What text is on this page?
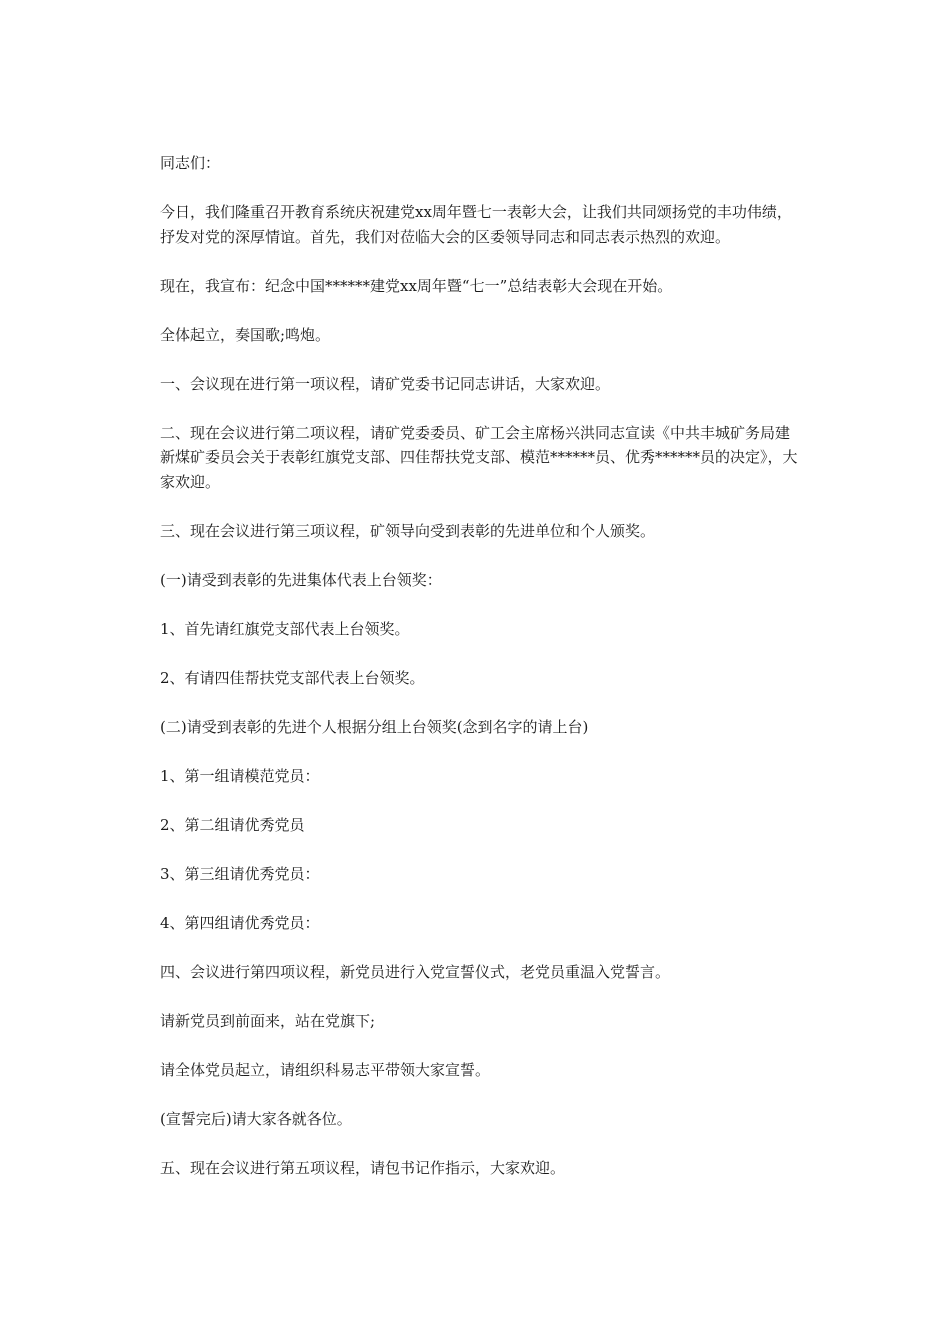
同志们：

今日，我们隆重召开教育系统庆祝建党xx周年暨七一表彰大会，让我们共同颂扬党的丰功伟绩，抒发对党的深厚情谊。首先，我们对莅临大会的区委领导同志和同志表示热烈的欢迎。

现在，我宣布：纪念中国******建党xx周年暨“七一”总结表彰大会现在开始。

全体起立，奏国歌;鸣炮。

一、会议现在进行第一项议程，请矿党委书记同志讲话，大家欢迎。

二、现在会议进行第二项议程，请矿党委委员、矿工会主席杨兴洪同志宣读《中共丰城矿务局建新煤矿委员会关于表彰红旗党支部、四佳帮扶党支部、模范******员、优秀******员的决定》，大家欢迎。

三、现在会议进行第三项议程，矿领导向受到表彰的先进单位和个人颁奖。

(一)请受到表彰的先进集体代表上台领奖：

1、首先请红旗党支部代表上台领奖。

2、有请四佳帮扶党支部代表上台领奖。

(二)请受到表彰的先进个人根据分组上台领奖(念到名字的请上台)

1、第一组请模范党员：

2、第二组请优秀党员

3、第三组请优秀党员：

4、第四组请优秀党员：

四、会议进行第四项议程，新党员进行入党宣誓仪式，老党员重温入党誓言。

请新党员到前面来，站在党旗下;

请全体党员起立，请组织科易志平带领大家宣誓。

(宣誓完后)请大家各就各位。

五、现在会议进行第五项议程，请包书记作指示，大家欢迎。
